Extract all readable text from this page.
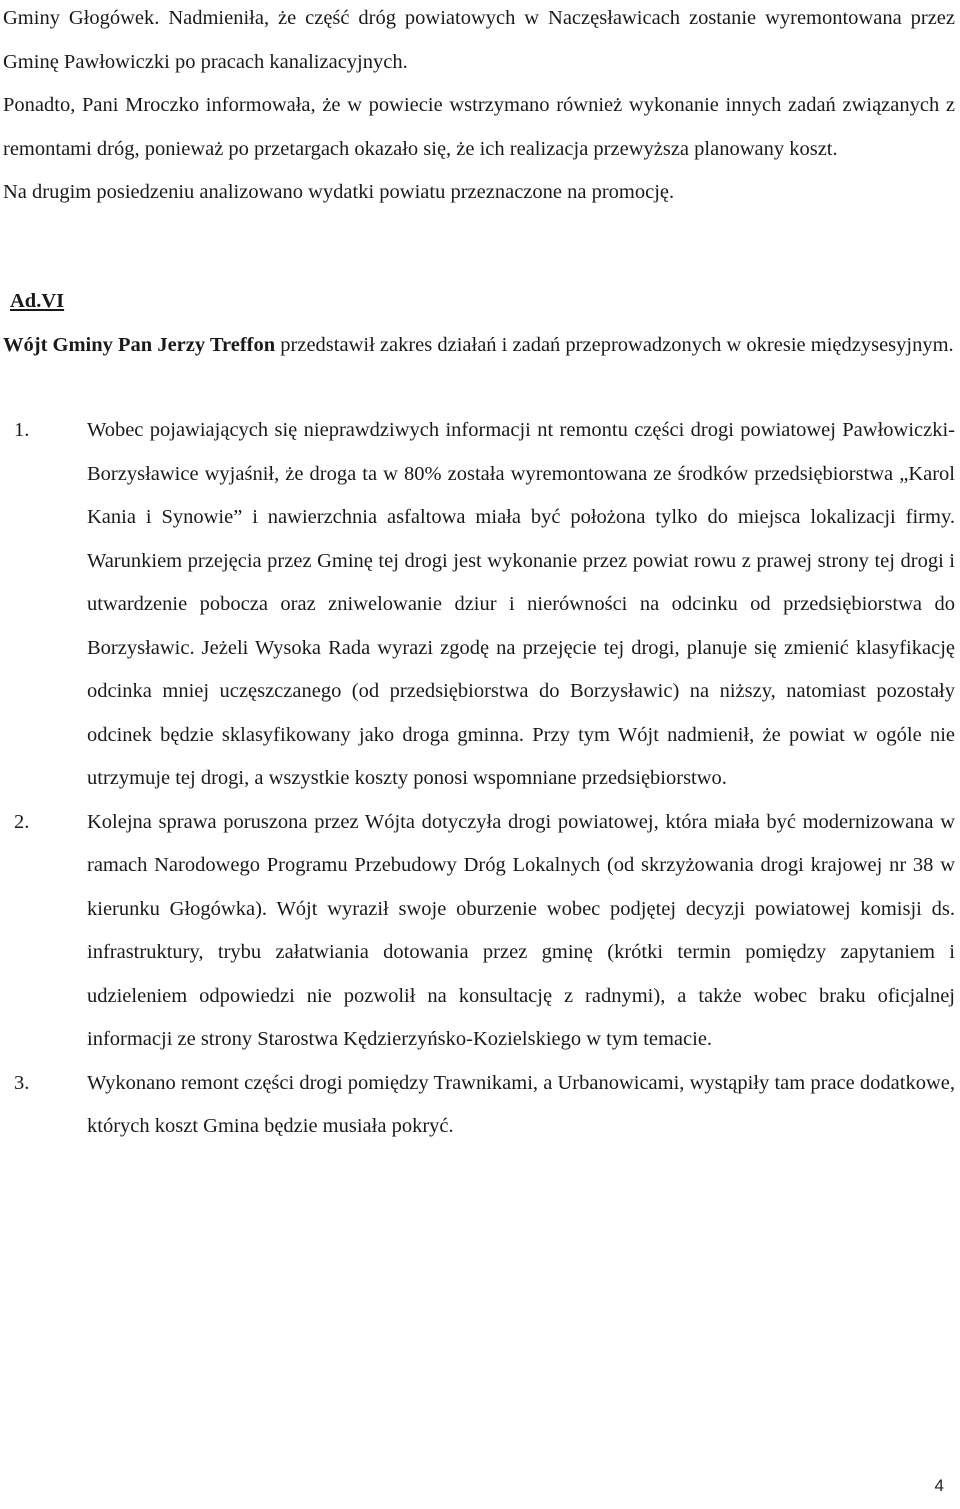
Gminy Głogówek. Nadmieniła, że część dróg powiatowych w Naczęsławicach zostanie wyremontowana przez Gminę Pawłowiczki po pracach kanalizacyjnych.

Ponadto, Pani Mroczko informowała, że w powiecie wstrzymano również wykonanie innych zadań związanych z remontami dróg, ponieważ po przetargach okazało się, że ich realizacja przewyższa planowany koszt.

Na drugim posiedzeniu analizowano wydatki powiatu przeznaczone na promocję.

Ad.VI

Wójt Gminy Pan Jerzy Treffon przedstawił zakres działań i zadań przeprowadzonych w okresie międzysesyjnym.

1.	Wobec pojawiających się nieprawdziwych informacji nt remontu części drogi powiatowej Pawłowiczki-Borzysławice wyjaśnił, że droga ta w 80% została wyremontowana ze środków przedsiębiorstwa „Karol Kania i Synowie” i nawierzchnia asfaltowa miała być położona tylko do miejsca lokalizacji firmy. Warunkiem przejęcia przez Gminę tej drogi jest wykonanie przez powiat rowu z prawej strony tej drogi i utwardzenie pobocza oraz zniwelowanie dziur i nierówności na odcinku od przedsiębiorstwa do Borzysławic. Jeżeli Wysoka Rada wyrazi zgodę na przejęcie tej drogi, planuje się zmienić klasyfikację odcinka mniej uczęszczanego (od przedsiębiorstwa do Borzysławic) na niższy, natomiast pozostały odcinek będzie sklasyfikowany jako droga gminna. Przy tym Wójt nadmienił, że powiat w ogóle nie utrzymuje tej drogi, a wszystkie koszty ponosi wspomniane przedsiębiorstwo.

2.	Kolejna sprawa poruszona przez Wójta dotyczyła drogi powiatowej, która miała być modernizowana w ramach Narodowego Programu Przebudowy Dróg Lokalnych (od skrzyżowania drogi krajowej nr 38 w kierunku Głogówka). Wójt wyraził swoje oburzenie wobec podjętej decyzji powiatowej komisji ds. infrastruktury, trybu załatwiania dotowania przez gminę (krótki termin pomiędzy zapytaniem i udzieleniem odpowiedzi nie pozwolił na konsultację z radnymi), a także wobec braku oficjalnej informacji ze strony Starostwa Kędzierzyńsko-Kozielskiego w tym temacie.

3.	Wykonano remont części drogi pomiędzy Trawnikami, a Urbanowicami, wystąpiły tam prace dodatkowe, których koszt Gmina będzie musiała pokryć.

4
